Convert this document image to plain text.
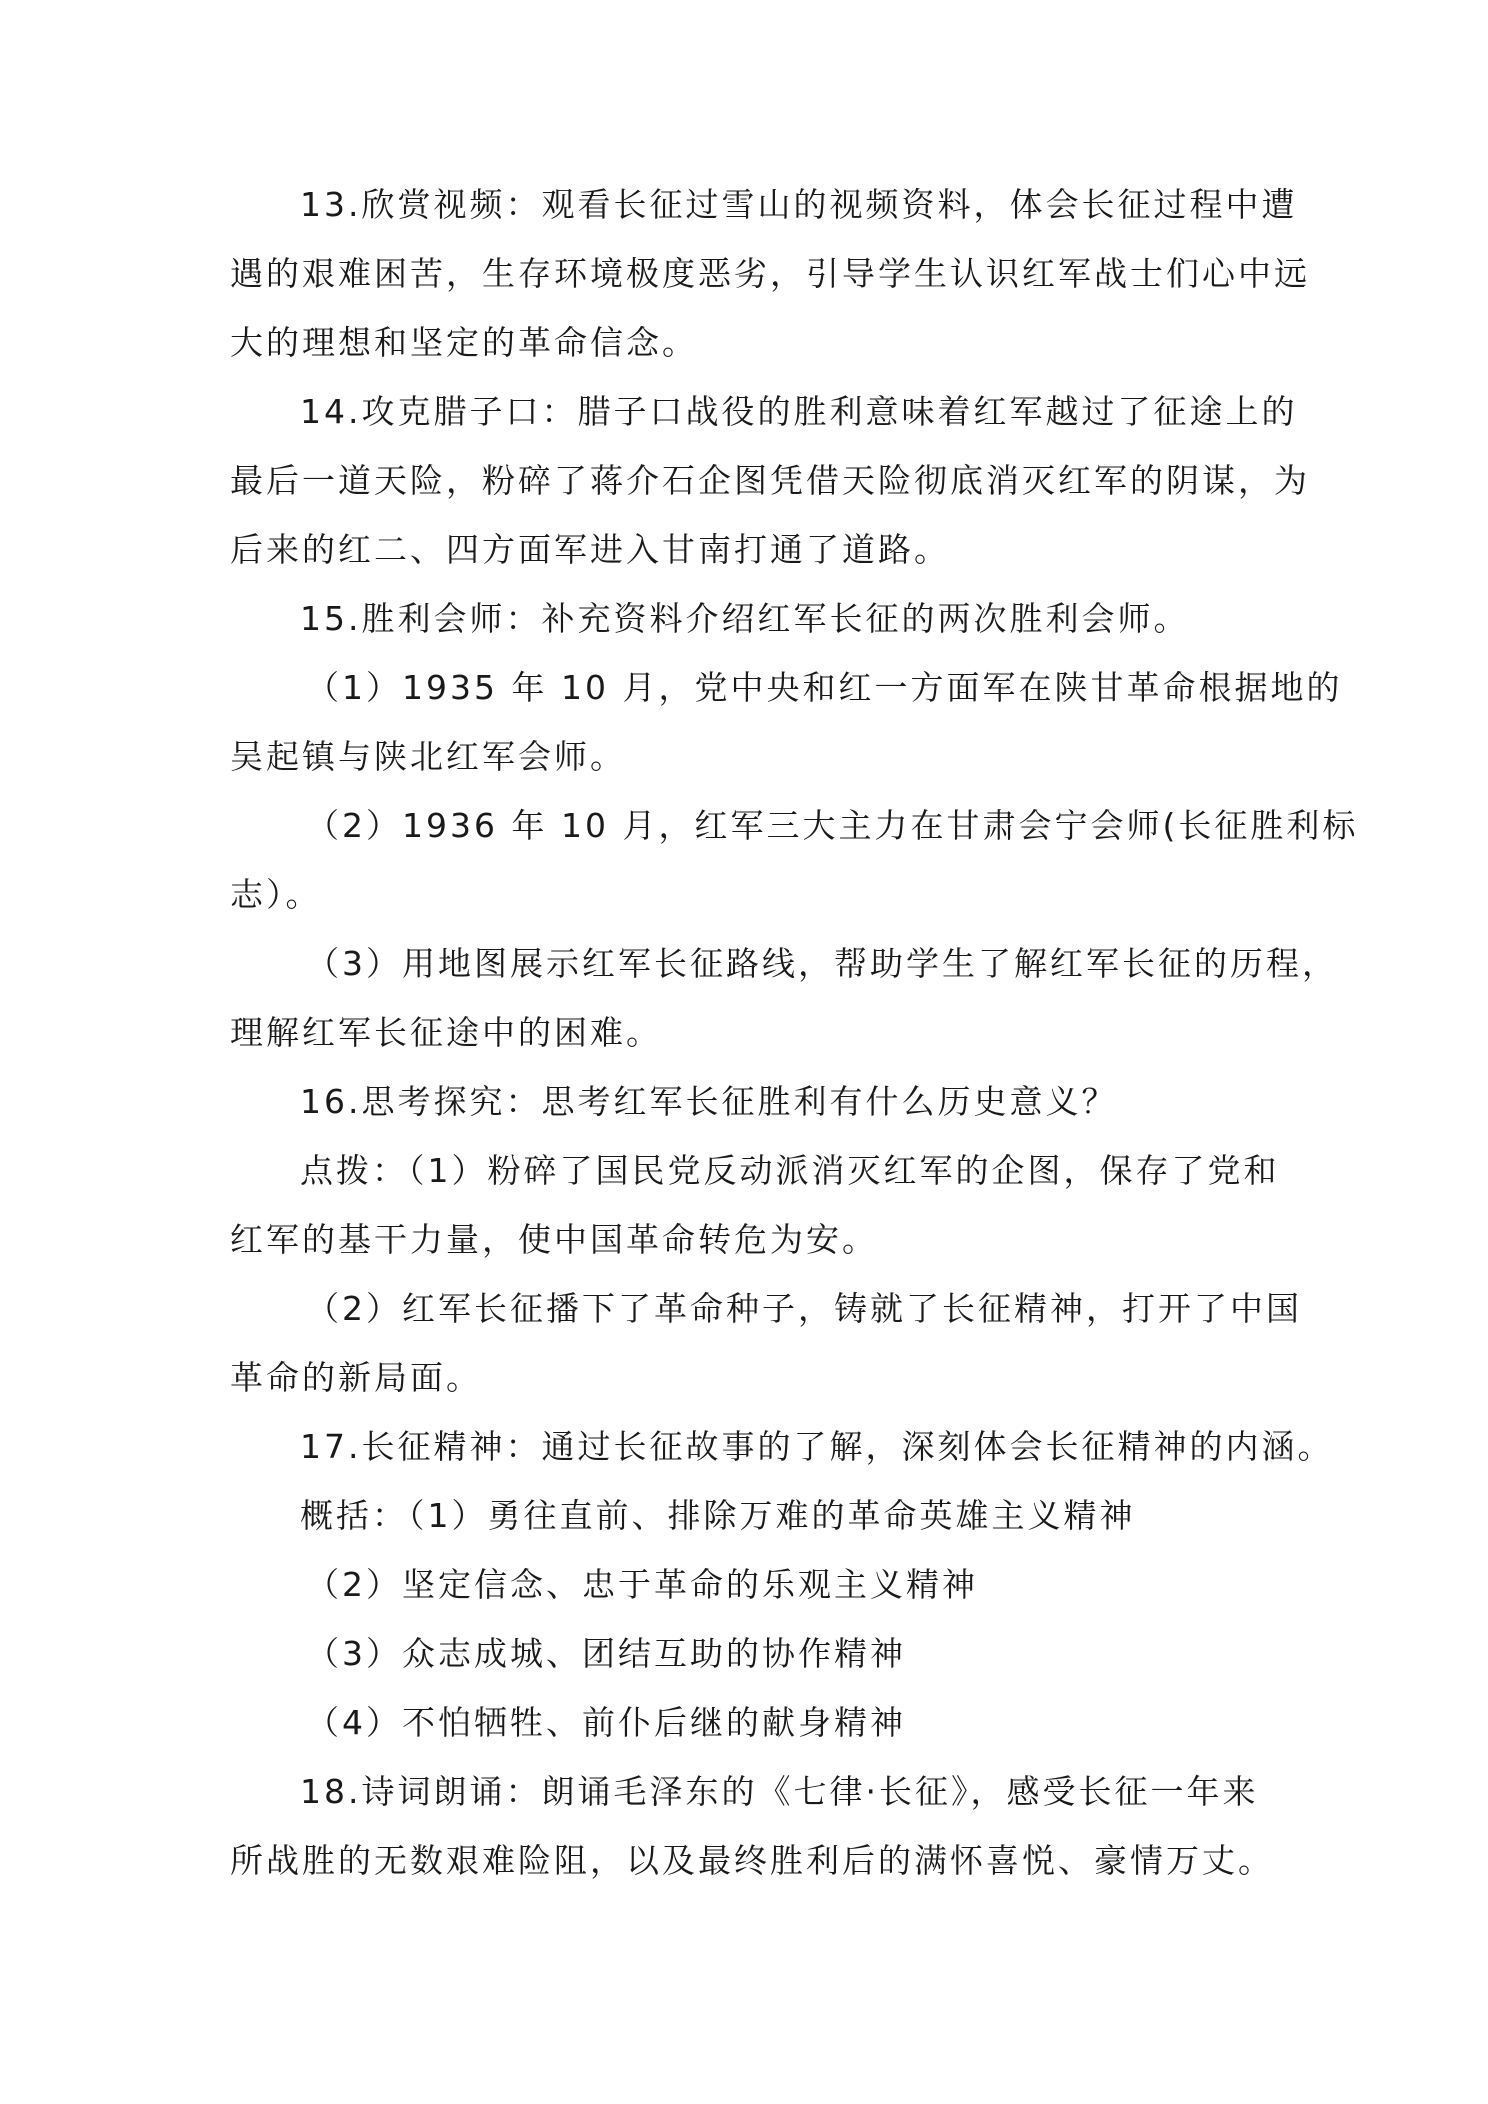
13.欣赏视频：观看长征过雪山的视频资料，体会长征过程中遭
遇的艰难困苦，生存环境极度恶劣，引导学生认识红军战士们心中远
大的理想和坚定的革命信念。
14.攻克腊子口：腊子口战役的胜利意味着红军越过了征途上的
最后一道天险，粉碎了蒋介石企图凭借天险彻底消灭红军的阴谋，为
后来的红二、四方面军进入甘南打通了道路。
15.胜利会师：补充资料介绍红军长征的两次胜利会师。
（1）1935 年 10 月，党中央和红一方面军在陕甘革命根据地的
吴起镇与陕北红军会师。
（2）1936 年 10 月，红军三大主力在甘肃会宁会师(长征胜利标
志）。
（3）用地图展示红军长征路线，帮助学生了解红军长征的历程，
理解红军长征途中的困难。
16.思考探究：思考红军长征胜利有什么历史意义？
点拨：（1）粉碎了国民党反动派消灭红军的企图，保存了党和
红军的基干力量，使中国革命转危为安。
（2）红军长征播下了革命种子，铸就了长征精神，打开了中国
革命的新局面。
17.长征精神：通过长征故事的了解，深刻体会长征精神的内涵。
概括：（1）勇往直前、排除万难的革命英雄主义精神
（2）坚定信念、忠于革命的乐观主义精神
（3）众志成城、团结互助的协作精神
（4）不怕牺牲、前仆后继的献身精神
18.诗词朗诵：朗诵毛泽东的《七律·长征》，感受长征一年来
所战胜的无数艰难险阻，以及最终胜利后的满怀喜悦、豪情万丈。
